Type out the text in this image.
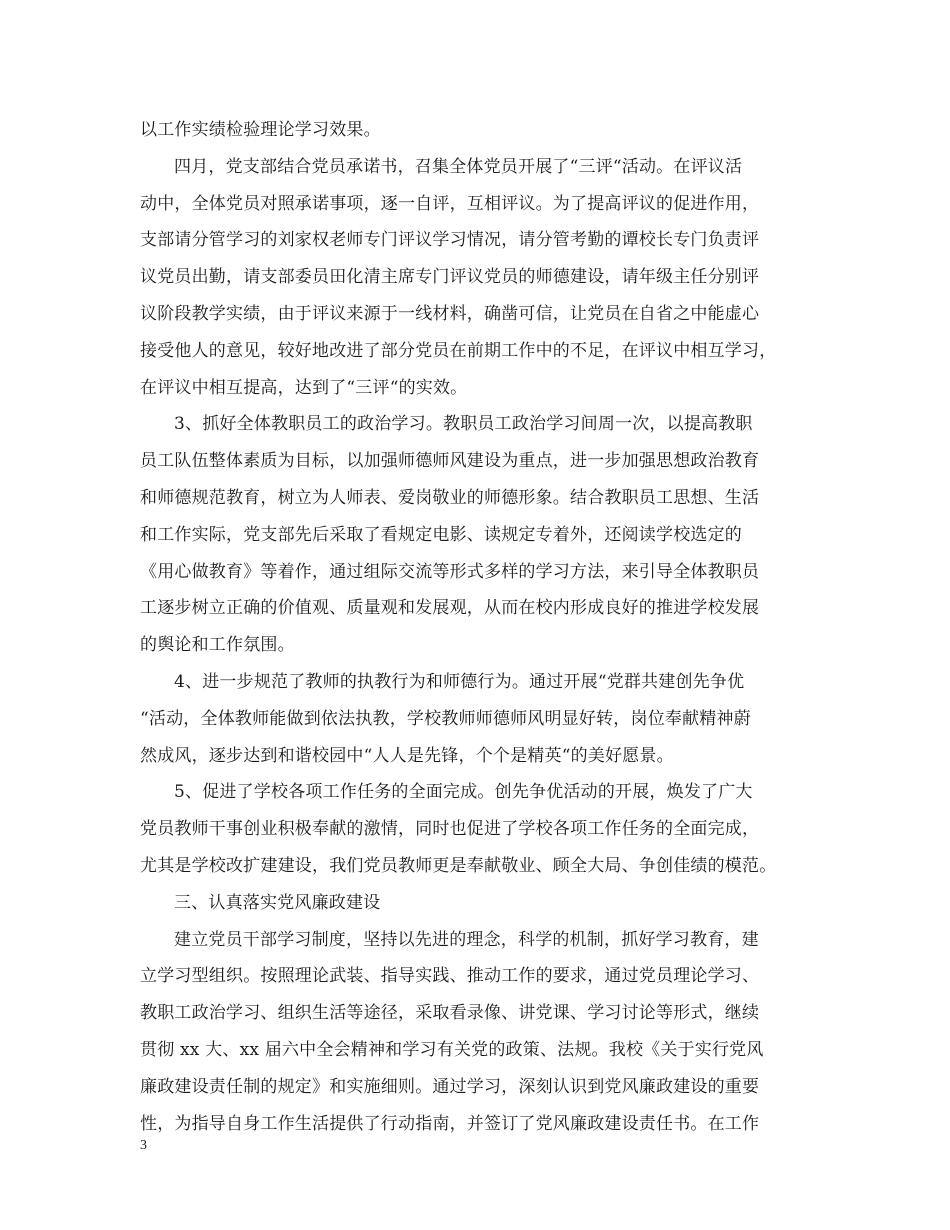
以工作实绩检验理论学习效果。
四月，党支部结合党员承诺书，召集全体党员开展了“三评“活动。在评议活
动中，全体党员对照承诺事项，逐一自评，互相评议。为了提高评议的促进作用，
支部请分管学习的刘家权老师专门评议学习情况，请分管考勤的谭校长专门负责评
议党员出勤，请支部委员田化清主席专门评议党员的师德建设，请年级主任分别评
议阶段教学实绩，由于评议来源于一线材料，确凿可信，让党员在自省之中能虚心
接受他人的意见，较好地改进了部分党员在前期工作中的不足，在评议中相互学习，
在评议中相互提高，达到了“三评“的实效。
3、抓好全体教职员工的政治学习。教职员工政治学习间周一次，以提高教职
员工队伍整体素质为目标，以加强师德师风建设为重点，进一步加强思想政治教育
和师德规范教育，树立为人师表、爱岗敬业的师德形象。结合教职员工思想、生活
和工作实际，党支部先后采取了看规定电影、读规定专着外，还阅读学校选定的
《用心做教育》等着作，通过组际交流等形式多样的学习方法，来引导全体教职员
工逐步树立正确的价值观、质量观和发展观，从而在校内形成良好的推进学校发展
的舆论和工作氛围。
4、进一步规范了教师的执教行为和师德行为。通过开展“党群共建创先争优
“活动，全体教师能做到依法执教，学校教师师德师风明显好转，岗位奉献精神蔚
然成风，逐步达到和谐校园中“人人是先锋，个个是精英“的美好愿景。
5、促进了学校各项工作任务的全面完成。创先争优活动的开展，焕发了广大
党员教师干事创业积极奉献的激情，同时也促进了学校各项工作任务的全面完成，
尤其是学校改扩建建设，我们党员教师更是奉献敬业、顾全大局、争创佳绩的模范。
三、认真落实党风廉政建设
建立党员干部学习制度，坚持以先进的理念，科学的机制，抓好学习教育，建
立学习型组织。按照理论武装、指导实践、推动工作的要求，通过党员理论学习、
教职工政治学习、组织生活等途径，采取看录像、讲党课、学习讨论等形式，继续
贯彻 xx 大、xx 届六中全会精神和学习有关党的政策、法规。我校《关于实行党风
廉政建设责任制的规定》和实施细则。通过学习，深刻认识到党风廉政建设的重要
性，为指导自身工作生活提供了行动指南，并签订了党风廉政建设责任书。在工作
3
